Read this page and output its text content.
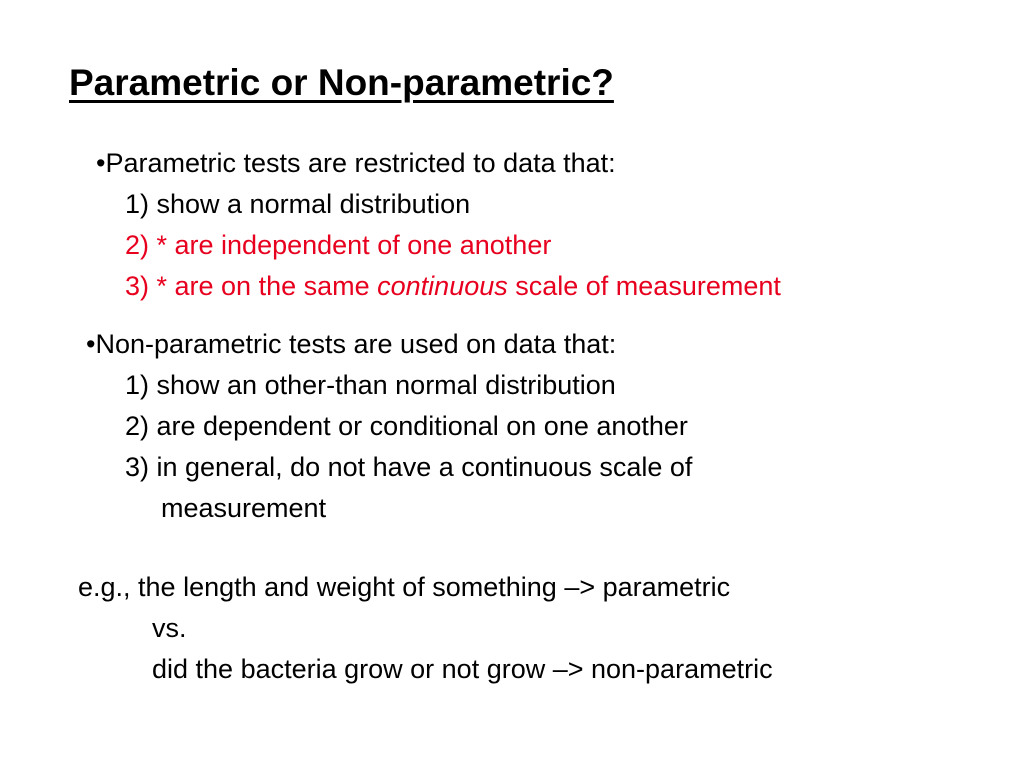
Parametric or Non-parametric?
•Parametric tests are restricted to data that:
1) show a normal distribution
2) * are independent of one another
3) * are on the same continuous scale of measurement
•Non-parametric tests are used on data that:
1) show an other-than normal distribution
2) are dependent or conditional on one another
3) in general, do not have a continuous scale of
measurement
e.g., the length and weight of something –> parametric
vs.
did the bacteria grow or not grow –> non-parametric
